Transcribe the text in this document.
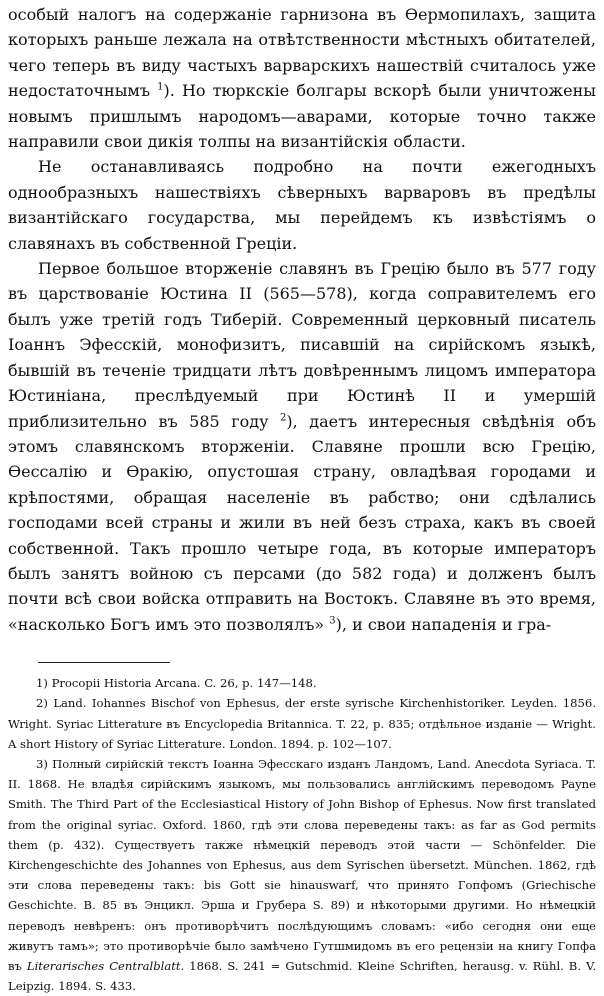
особый налогъ на содержаніе гарнизона въ Ѳермопилахъ, защита которыхъ раньше лежала на отвѣтственности мѣстныхъ обитателей, чего теперь въ виду частыхъ варварскихъ нашествій считалось уже недостаточнымъ $^1$). Но тюркскіе болгары вскорѣ были уничтожены новымъ пришлымъ народомъ—аварами, которые точно также направили свои дикія толпы на византійскія области.

Не останавливаясь подробно на почти ежегодныхъ однообразныхъ нашествіяхъ сѣверныхъ варваровъ въ предѣлы византійскаго государства, мы перейдемъ къ извѣстіямъ о славянахъ въ собственной Греціи.

Первое большое вторженіе славянъ въ Грецію было въ 577 году въ царствованіе Юстина II (565—578), когда соправителемъ его былъ уже третій годъ Тиберій. Современный церковный писатель Іоаннъ Эфесскій, монофизитъ, писавшій на сирійскомъ языкѣ, бывшій въ теченіе тридцати лѣтъ довѣреннымъ лицомъ императора Юстиніана, преслѣдуемый при Юстинѣ II и умершій приблизительно въ 585 году $^2$), даетъ интересныя свѣдѣнія объ этомъ славянскомъ вторженіи. Славяне прошли всю Грецію, Ѳессалію и Ѳракію, опустошая страну, овладѣвая городами и крѣпостями, обращая населеніе въ рабство; они сдѣлались господами всей страны и жили въ ней безъ страха, какъ въ своей собственной. Такъ прошло четыре года, въ которые императоръ былъ занятъ войною съ персами (до 582 года) и долженъ былъ почти всѣ свои войска отправить на Востокъ. Славяне въ это время, «насколько Богъ имъ это позволялъ» $^3$), и свои нападенія и гра-

1) Procopii Historia Arcana. C. 26, p. 147—148.

2) Land. Iohannes Bischof von Ephesus, der erste syrische Kirchenhistoriker. Leyden. 1856. Wright. Syriac Litterature въ Encyclopedia Britannica. T. 22, p. 835; отдѣльное изданіе — Wright. A short History of Syriac Litterature. London. 1894. p. 102—107.

3) Полный сирійскій текстъ Іоанна Эфесскаго изданъ Ландомъ, Land. Anecdota Syriaca. T. II. 1868. Не владѣя сирійскимъ языкомъ, мы пользовались англійскимъ переводомъ Payne Smith. The Third Part of the Ecclesiastical History of John Bishop of Ephesus. Now first translated from the original syriac. Oxford. 1860, гдѣ эти слова переведены такъ: as far as God permits them (p. 432). Существуетъ также нѣмецкій переводъ этой части — Schönfelder. Die Kirchengeschichte des Johannes von Ephesus, aus dem Syrischen übersetzt. München. 1862, гдѣ эти слова переведены такъ: bis Gott sie hinauswarf, что принято Гопфомъ (Griechische Geschichte. B. 85 въ Энцикл. Эрша и Грубера S. 89) и нѣкоторыми другими. Но нѣмецкій переводъ невѣренъ: онъ противорѣчитъ послѣдующимъ словамъ: «ибо сегодня они еще живутъ тамъ»; это противорѣчіе было замѣчено Гутшмидомъ въ его рецензіи на книгу Гопфа въ Literarisches Centralblatt. 1868. S. 241 = Gutschmid. Kleine Schriften, herausg. v. Rühl. B. V. Leipzig. 1894. S. 433.
